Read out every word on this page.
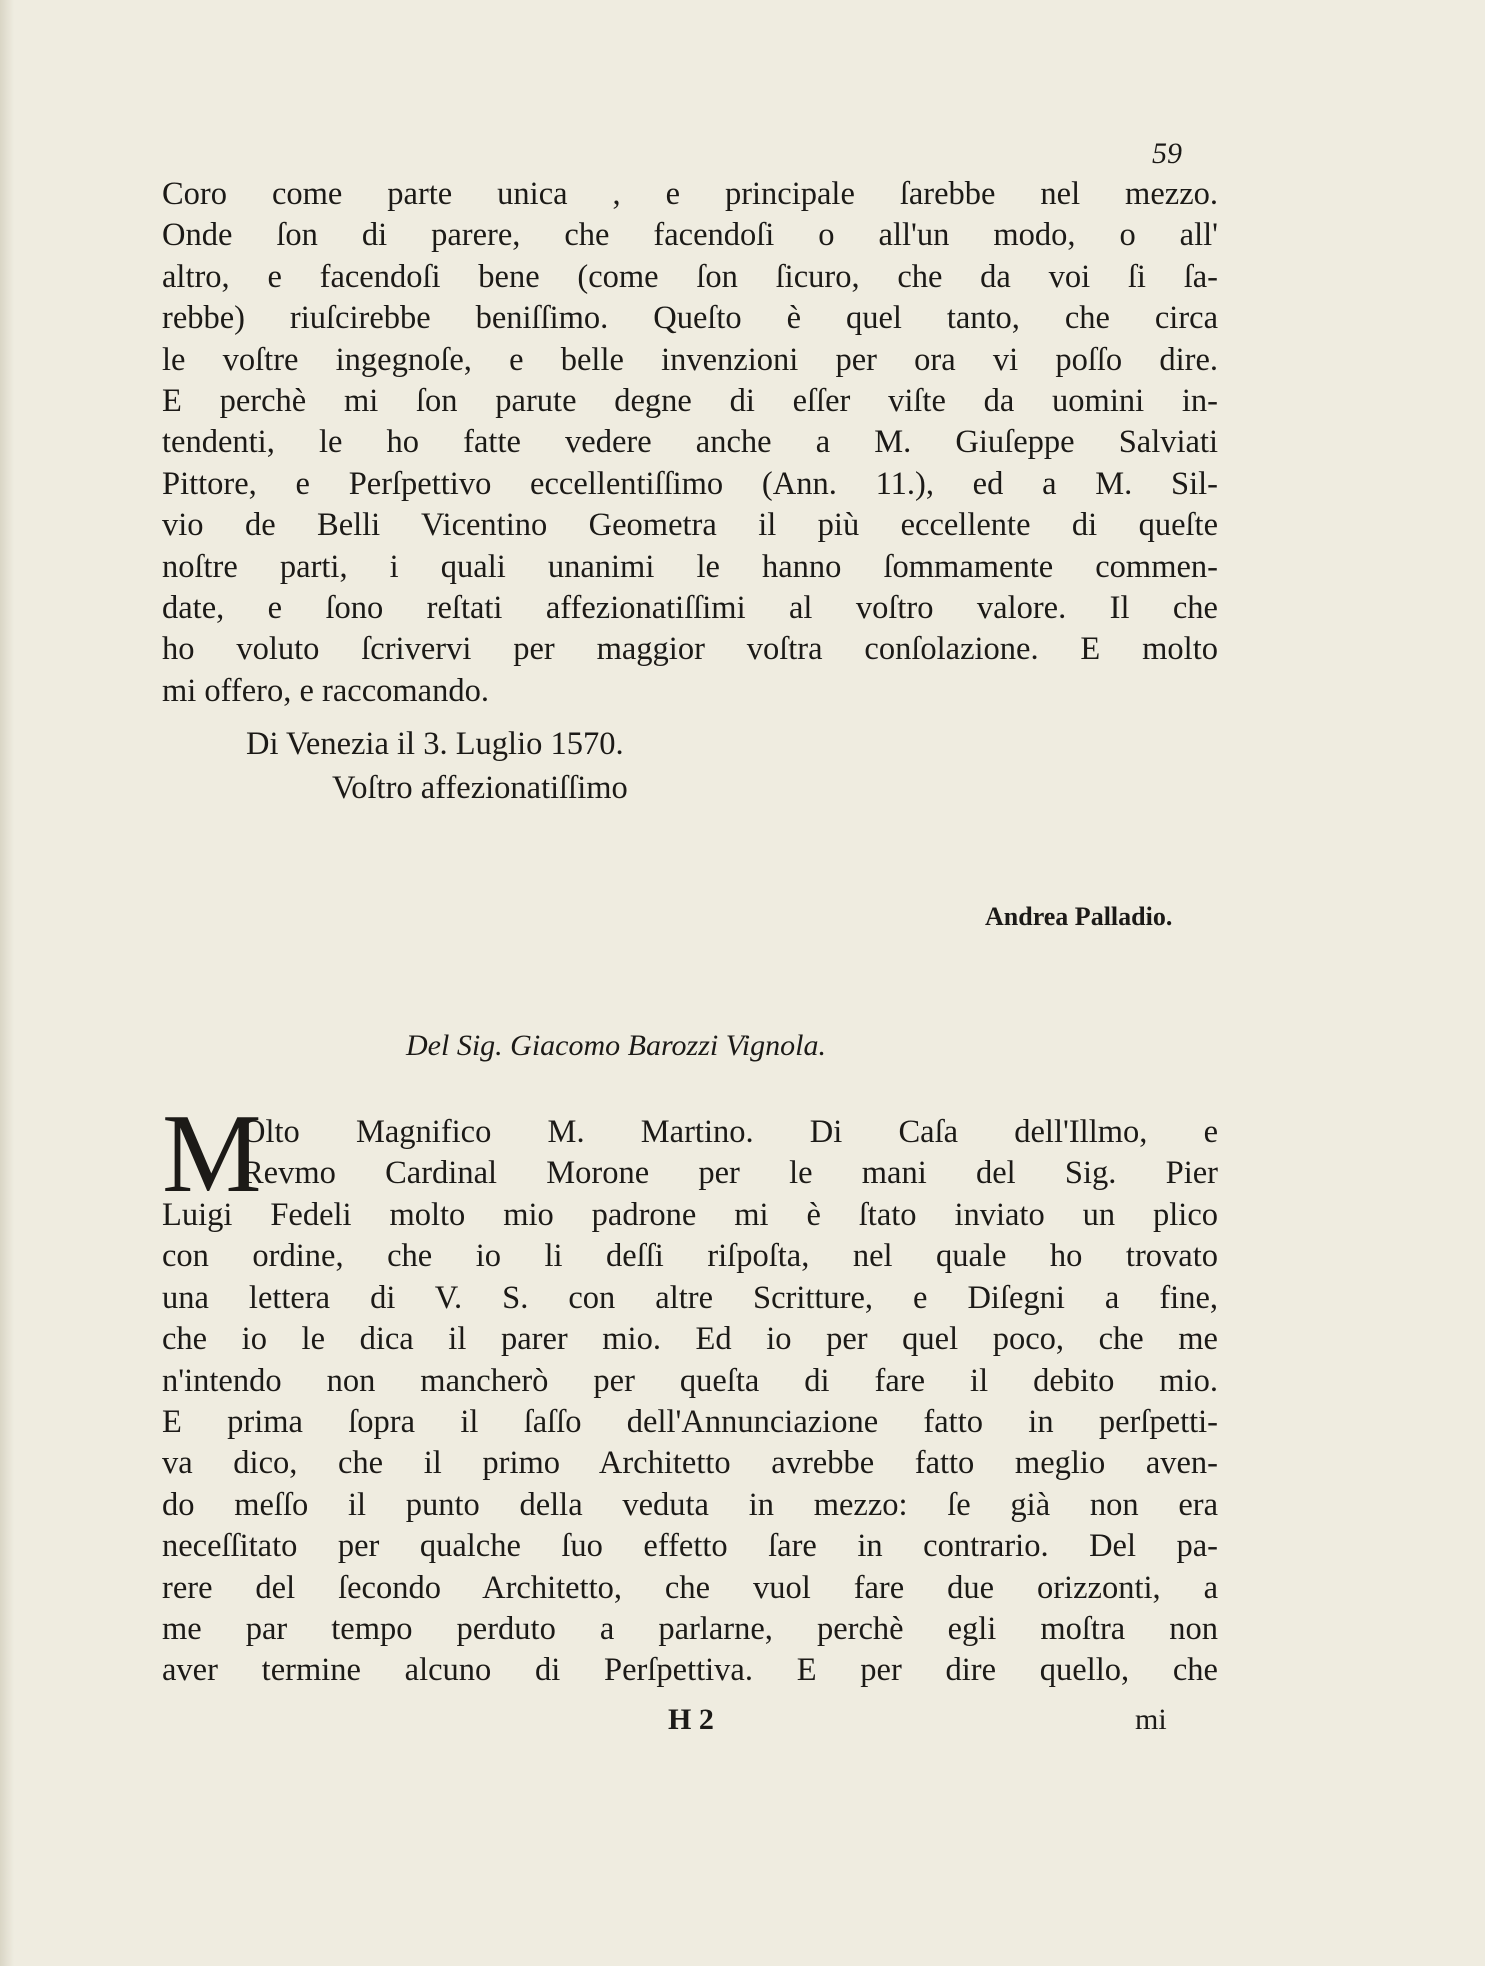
59
Coro come parte unica , e principale ſarebbe nel mezzo.
Onde ſon di parere, che facendoſi o all'un modo, o all'
altro, e facendoſi bene (come ſon ſicuro, che da voi ſi ſa-
rebbe) riuſcirebbe beniſſimo. Queſto è quel tanto, che circa
le voſtre ingegnoſe, e belle invenzioni per ora vi poſſo dire.
E perchè mi ſon parute degne di eſſer viſte da uomini in-
tendenti, le ho fatte vedere anche a M. Giuſeppe Salviati
Pittore, e Perſpettivo eccellentiſſimo (Ann. 11.), ed a M. Sil-
vio de Belli Vicentino Geometra il più eccellente di queſte
noſtre parti, i quali unanimi le hanno ſommamente commen-
date, e ſono reſtati affezionatiſſimi al voſtro valore. Il che
ho voluto ſcrivervi per maggior voſtra conſolazione. E molto
mi offero, e raccomando.
Di Venezia il 3. Luglio 1570.
Voſtro affezionatiſſimo
Andrea Palladio.
Del Sig. Giacomo Barozzi Vignola.
M
Olto Magnifico M. Martino. Di Caſa dell'Illmo, e
Revmo Cardinal Morone per le mani del Sig. Pier
Luigi Fedeli molto mio padrone mi è ſtato inviato un plico
con ordine, che io li deſſi riſpoſta, nel quale ho trovato
una lettera di V. S. con altre Scritture, e Diſegni a fine,
che io le dica il parer mio. Ed io per quel poco, che me
n'intendo non mancherò per queſta di fare il debito mio.
E prima ſopra il ſaſſo dell'Annunciazione fatto in perſpetti-
va dico, che il primo Architetto avrebbe fatto meglio aven-
do meſſo il punto della veduta in mezzo: ſe già non era
neceſſitato per qualche ſuo effetto ſare in contrario. Del pa-
rere del ſecondo Architetto, che vuol fare due orizzonti, a
me par tempo perduto a parlarne, perchè egli moſtra non
aver termine alcuno di Perſpettiva. E per dire quello, che
H 2	mi
